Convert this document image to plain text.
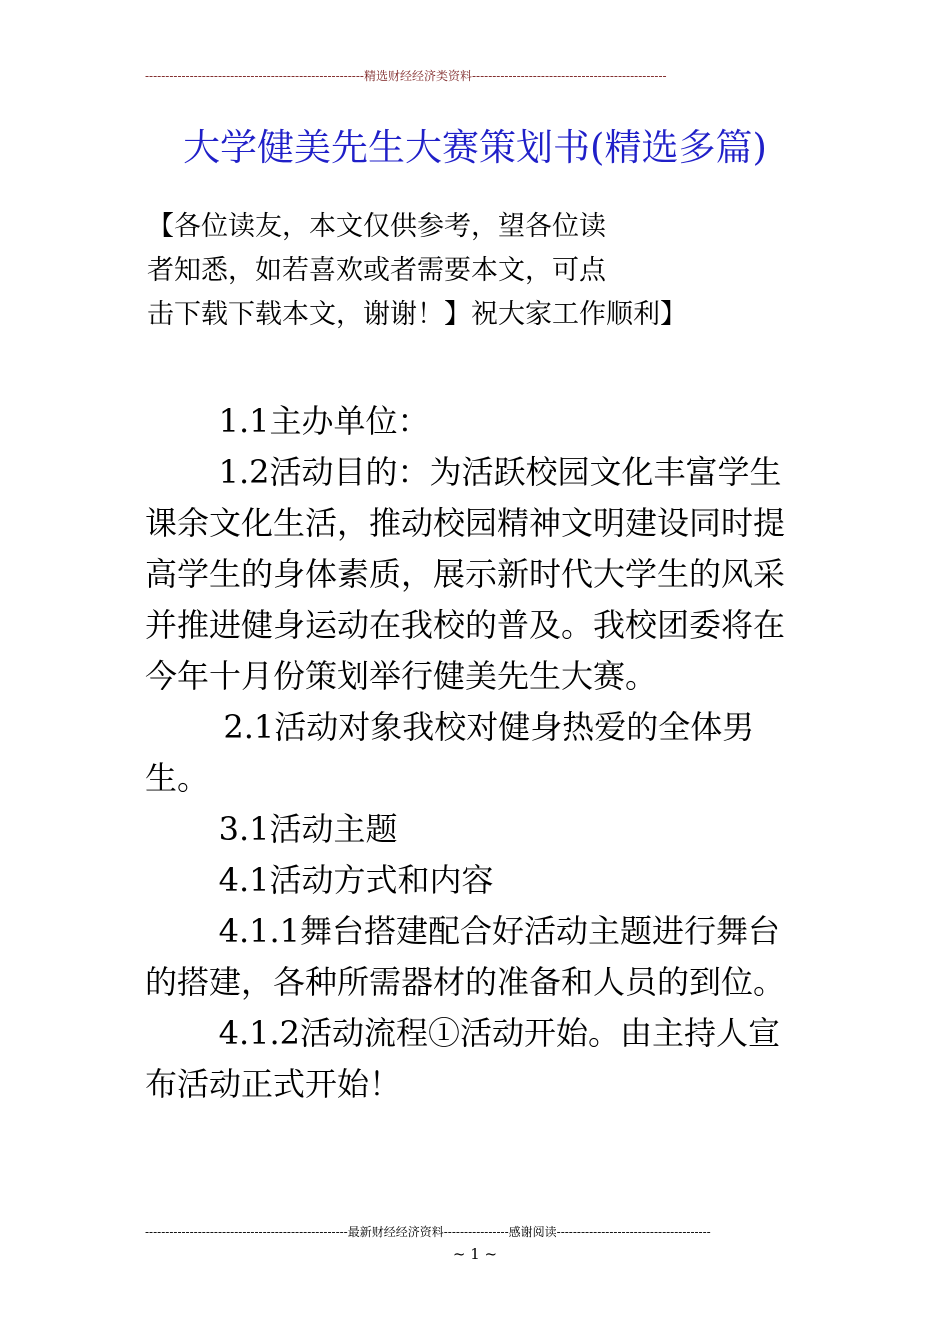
------------------------------------------------------精选财经经济类资料------------------------------------------------
大学健美先生大赛策划书(精选多篇)
【各位读友，本文仅供参考，望各位读
者知悉，如若喜欢或者需要本文，可点
击下载下载本文，谢谢！】祝大家工作顺利】

1.1主办单位：

1.2活动目的：为活跃校园文化丰富学生课余文化生活，推动校园精神文明建设同时提高学生的身体素质，展示新时代大学生的风采并推进健身运动在我校的普及。我校团委将在今年十月份策划举行健美先生大赛。

2.1活动对象我校对健身热爱的全体男生。

3.1活动主题

4.1活动方式和内容

4.1.1舞台搭建配合好活动主题进行舞台的搭建，各种所需器材的准备和人员的到位。

4.1.2活动流程①活动开始。由主持人宣布活动正式开始！

--------------------------------------------------最新财经经济资料----------------感谢阅读--------------------------------------
~ 1 ~
